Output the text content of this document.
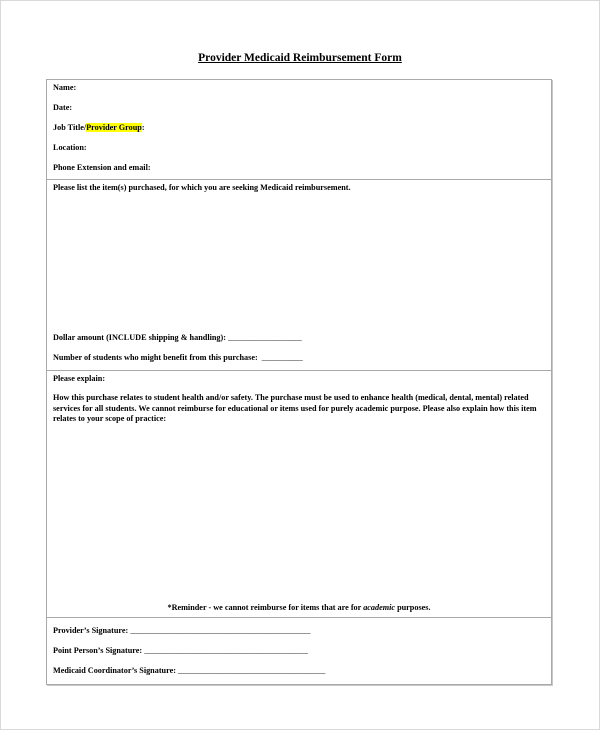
Provider Medicaid Reimbursement Form
Name:
Date:
Job Title/Provider Group:
Location:
Phone Extension and email:
Please list the item(s) purchased, for which you are seeking Medicaid reimbursement.
Dollar amount (INCLUDE shipping & handling): __________________
Number of students who might benefit from this purchase: __________
Please explain:
How this purchase relates to student health and/or safety. The purchase must be used to enhance health (medical, dental, mental) related services for all students. We cannot reimburse for educational or items used for purely academic purpose. Please also explain how this item relates to your scope of practice:
*Reminder - we cannot reimburse for items that are for academic purposes.
Provider’s Signature: ____________________________________________
Point Person’s Signature: ________________________________________
Medicaid Coordinator’s Signature: ____________________________________
